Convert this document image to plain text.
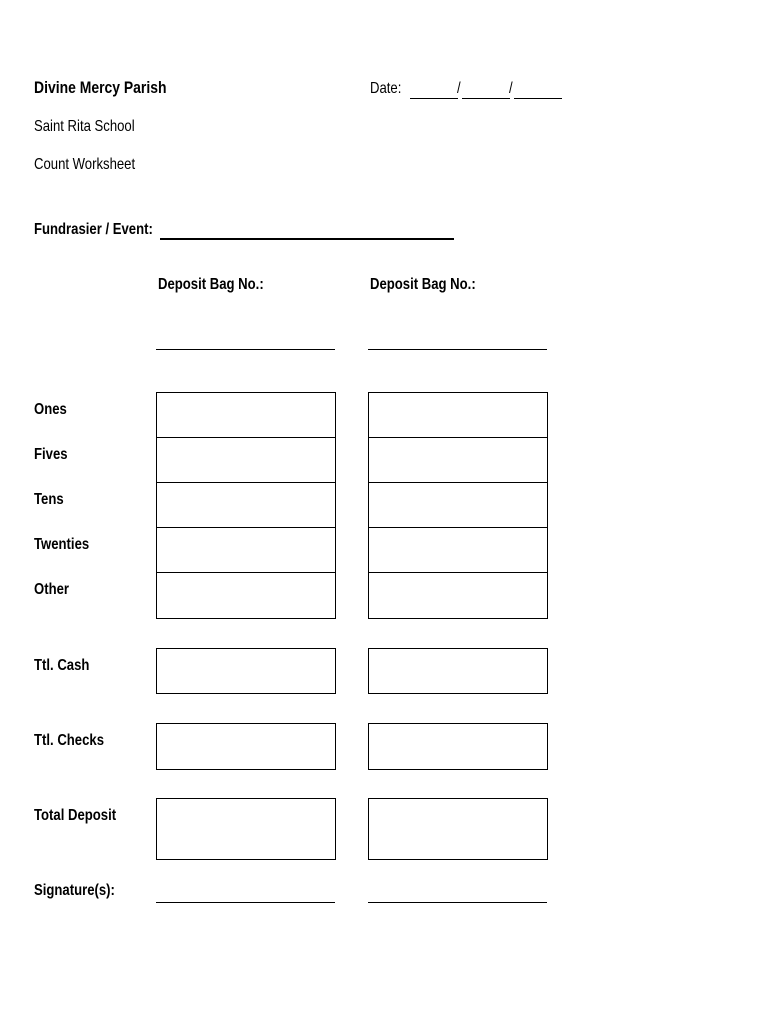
Divine Mercy Parish
Saint Rita School
Count Worksheet
Date:	/	/
Fundrasier / Event:
Deposit Bag No.:	Deposit Bag No.:
Ones
Fives
Tens
Twenties
Other
Ttl. Cash
Ttl. Checks
Total Deposit
Signature(s):
